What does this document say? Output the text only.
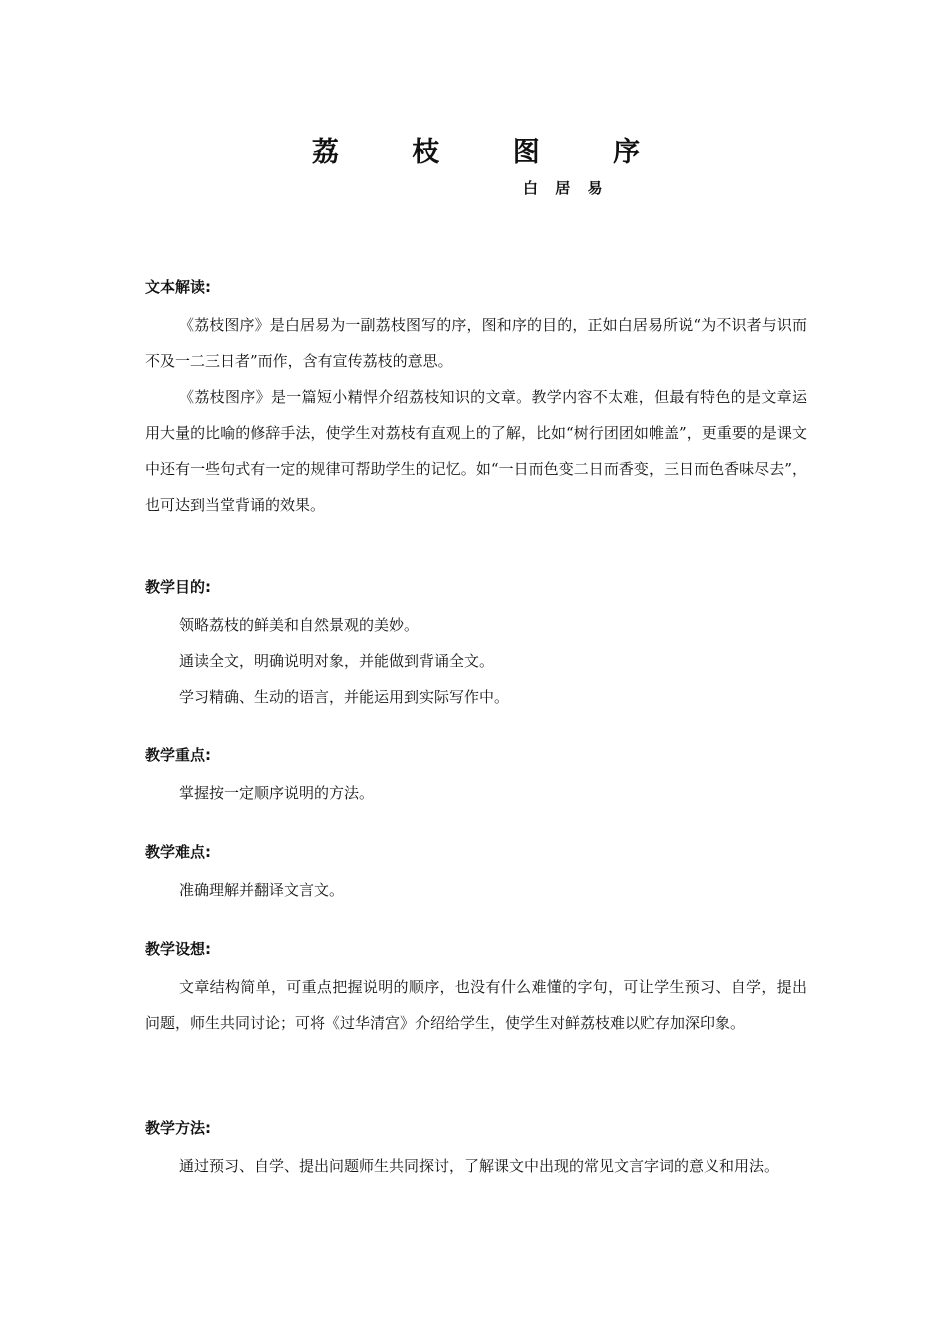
荔 枝 图 序
白 居 易
文本解读:

《荔枝图序》是白居易为一副荔枝图写的序，图和序的目的，正如白居易所说“为不识者与识而不及一二三日者”而作，含有宣传荔枝的意思。

《荔枝图序》是一篇短小精悍介绍荔枝知识的文章。教学内容不太难，但最有特色的是文章运用大量的比喻的修辞手法，使学生对荔枝有直观上的了解，比如“树行团团如帷盖”，更重要的是课文中还有一些句式有一定的规律可帮助学生的记忆。如“一日而色变二日而香变，三日而色香味尽去”，也可达到当堂背诵的效果。

教学目的:

领略荔枝的鲜美和自然景观的美妙。

通读全文，明确说明对象，并能做到背诵全文。

学习精确、生动的语言，并能运用到实际写作中。

教学重点:

掌握按一定顺序说明的方法。

教学难点:

准确理解并翻译文言文。

教学设想:

文章结构简单，可重点把握说明的顺序，也没有什么难懂的字句，可让学生预习、自学，提出问题，师生共同讨论；可将《过华清宫》介绍给学生，使学生对鲜荔枝难以贮存加深印象。

教学方法:

通过预习、自学、提出问题师生共同探讨，了解课文中出现的常见文言字词的意义和用法。
